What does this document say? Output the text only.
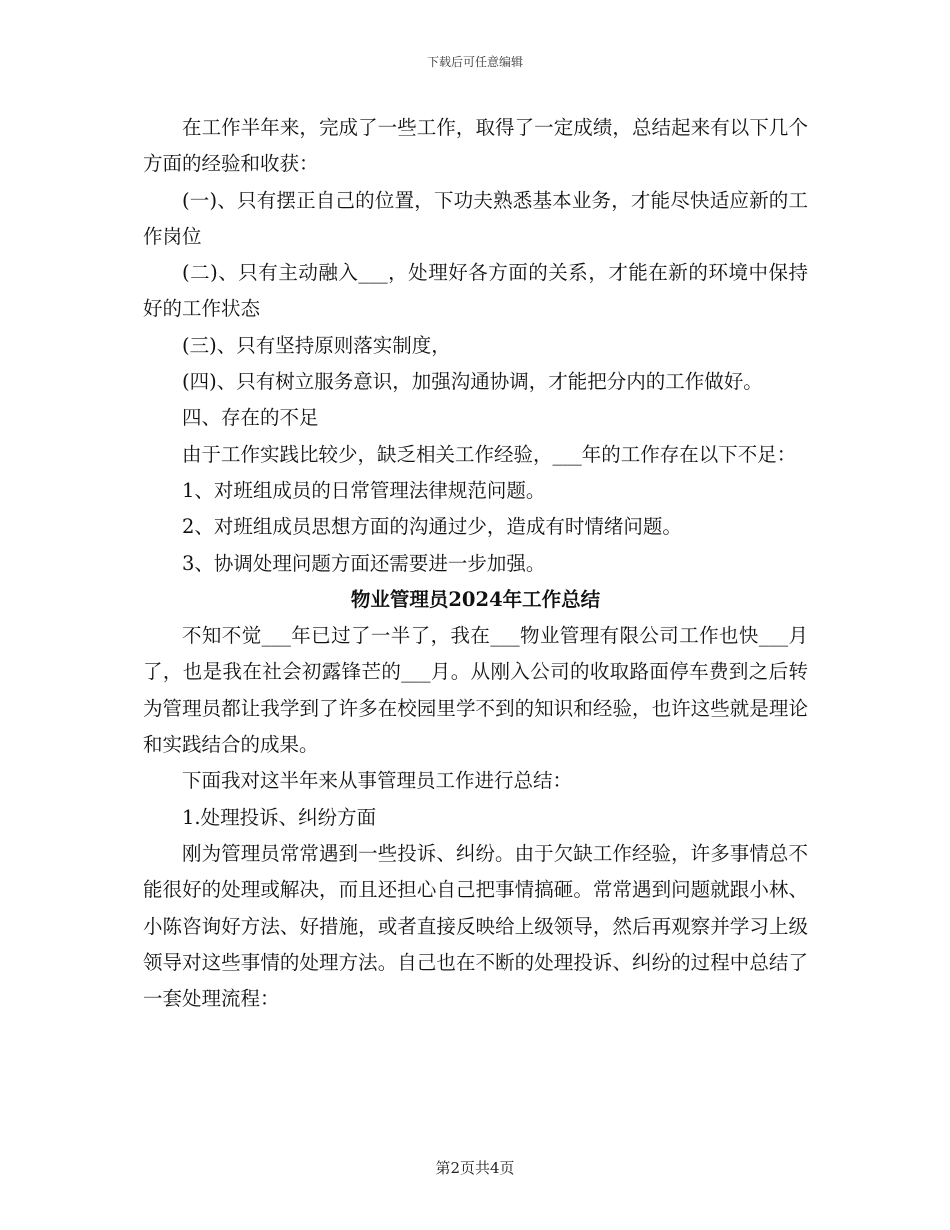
下载后可任意编辑

在工作半年来，完成了一些工作，取得了一定成绩，总结起来有以下几个方面的经验和收获：

(一)、只有摆正自己的位置，下功夫熟悉基本业务，才能尽快适应新的工作岗位

(二)、只有主动融入___，处理好各方面的关系，才能在新的环境中保持好的工作状态

(三)、只有坚持原则落实制度，

(四)、只有树立服务意识，加强沟通协调，才能把分内的工作做好。

四、存在的不足

由于工作实践比较少，缺乏相关工作经验，___年的工作存在以下不足：

1、对班组成员的日常管理法律规范问题。

2、对班组成员思想方面的沟通过少，造成有时情绪问题。

3、协调处理问题方面还需要进一步加强。

物业管理员2024年工作总结

不知不觉___年已过了一半了，我在___物业管理有限公司工作也快___月了，也是我在社会初露锋芒的___月。从刚入公司的收取路面停车费到之后转为管理员都让我学到了许多在校园里学不到的知识和经验，也许这些就是理论和实践结合的成果。

下面我对这半年来从事管理员工作进行总结：

1.处理投诉、纠纷方面

刚为管理员常常遇到一些投诉、纠纷。由于欠缺工作经验，许多事情总不能很好的处理或解决，而且还担心自己把事情搞砸。常常遇到问题就跟小林、小陈咨询好方法、好措施，或者直接反映给上级领导，然后再观察并学习上级领导对这些事情的处理方法。自己也在不断的处理投诉、纠纷的过程中总结了一套处理流程：

第2页共4页
